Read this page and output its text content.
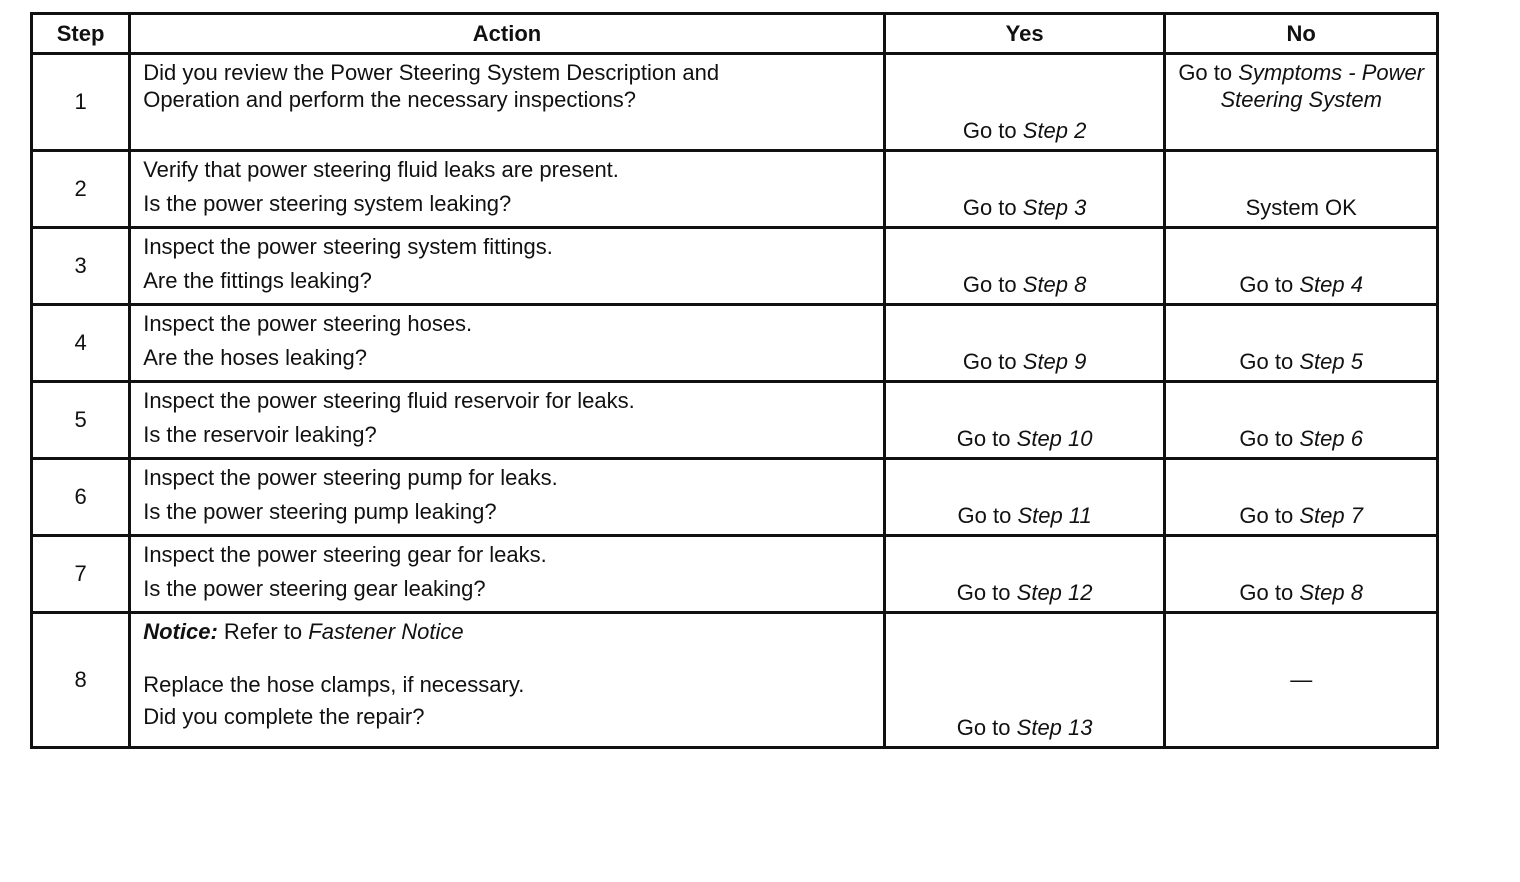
Step	Action	Yes	No
1	Did you review the Power Steering System Description and
Operation and perform the necessary inspections?	Go to Step 2	Go to Symptoms - Power Steering System
2	Verify that power steering fluid leaks are present.
Is the power steering system leaking?	Go to Step 3	System OK
3	Inspect the power steering system fittings.
Are the fittings leaking?	Go to Step 8	Go to Step 4
4	Inspect the power steering hoses.
Are the hoses leaking?	Go to Step 9	Go to Step 5
5	Inspect the power steering fluid reservoir for leaks.
Is the reservoir leaking?	Go to Step 10	Go to Step 6
6	Inspect the power steering pump for leaks.
Is the power steering pump leaking?	Go to Step 11	Go to Step 7
7	Inspect the power steering gear for leaks.
Is the power steering gear leaking?	Go to Step 12	Go to Step 8
8	Notice: Refer to Fastener Notice
Replace the hose clamps, if necessary.
Did you complete the repair?	Go to Step 13	—
